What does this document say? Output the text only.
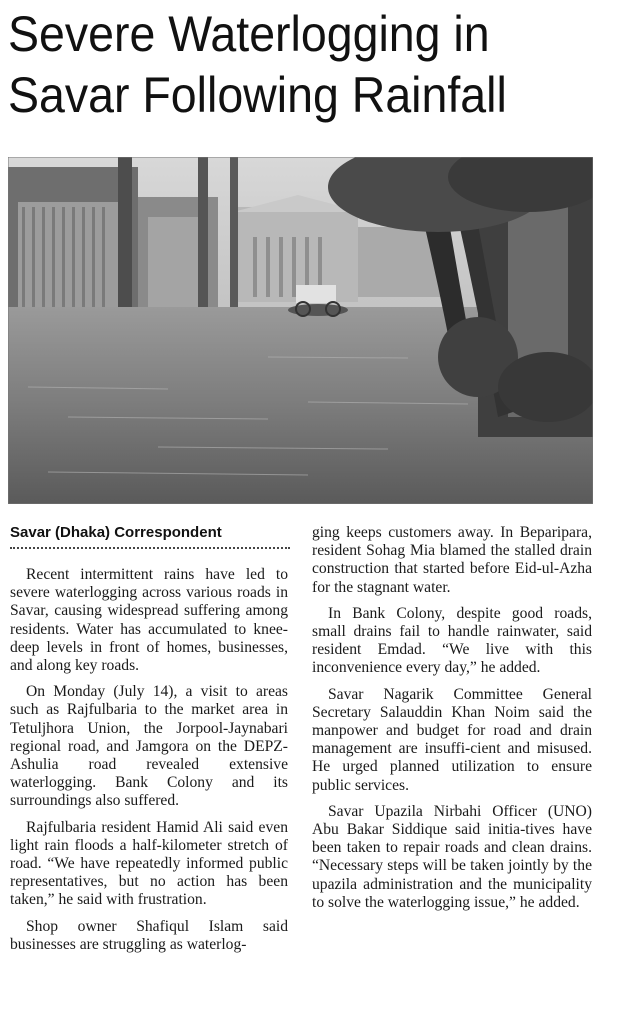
Severe Waterlogging in
Savar Following Rainfall
Savar (Dhaka) Correspondent

Recent intermittent rains have led to severe waterlogging across various roads in Savar, causing widespread suffering among residents. Water has accumulated to knee-deep levels in front of homes, businesses, and along key roads.

On Monday (July 14), a visit to areas such as Rajfulbaria to the market area in Tetuljhora Union, the Jorpool-Jaynabari regional road, and Jamgora on the DEPZ-Ashulia road revealed extensive waterlogging. Bank Colony and its surroundings also suffered.

Rajfulbaria resident Hamid Ali said even light rain floods a half-kilometer stretch of road. “We have repeatedly informed public representatives, but no action has been taken,” he said with frustration.

Shop owner Shafiqul Islam said businesses are struggling as waterlog-

ging keeps customers away. In Beparipara, resident Sohag Mia blamed the stalled drain construction that started before Eid-ul-Azha for the stagnant water.

In Bank Colony, despite good roads, small drains fail to handle rainwater, said resident Emdad. “We live with this inconvenience every day,” he added.

Savar Nagarik Committee General Secretary Salauddin Khan Noim said the manpower and budget for road and drain management are insuffi-cient and misused. He urged planned utilization to ensure public services.

Savar Upazila Nirbahi Officer (UNO) Abu Bakar Siddique said initia-tives have been taken to repair roads and clean drains. “Necessary steps will be taken jointly by the upazila administration and the municipality to solve the waterlogging issue,” he added.
